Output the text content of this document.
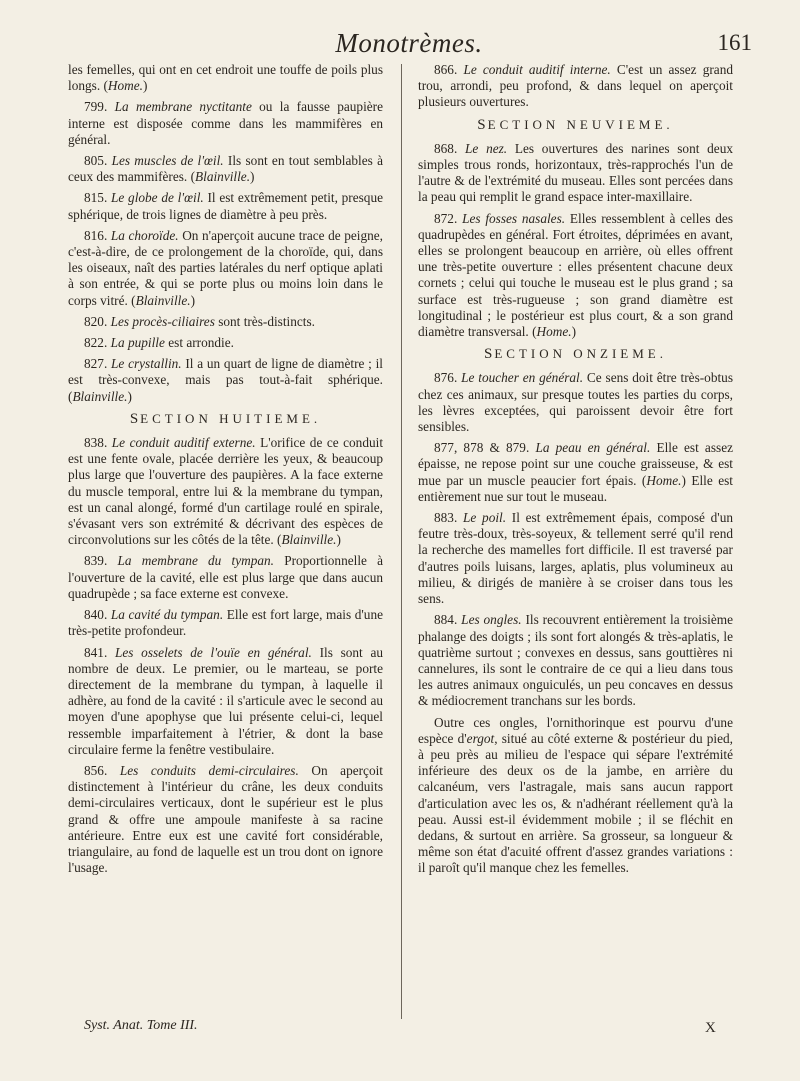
Monotrèmes.	161

les femelles, qui ont en cet endroit une touffe de poils plus longs. (Home.)

799. La membrane nyctitante ou la fausse paupière interne est disposée comme dans les mammifères en général.

805. Les muscles de l'œil. Ils sont en tout semblables à ceux des mammifères. (Blainville.)

815. Le globe de l'œil. Il est extrêmement petit, presque sphérique, de trois lignes de diamètre à peu près.

816. La choroïde. On n'aperçoit aucune trace de peigne, c'est-à-dire, de ce prolongement de la choroïde, qui, dans les oiseaux, naît des parties latérales du nerf optique aplati à son entrée, & qui se porte plus ou moins loin dans le corps vitré. (Blainville.)

820. Les procès-ciliaires sont très-distincts.

822. La pupille est arrondie.

827. Le crystallin. Il a un quart de ligne de diamètre ; il est très-convexe, mais pas tout-à-fait sphérique. (Blainville.)

SECTION HUITIEME.

838. Le conduit auditif externe. L'orifice de ce conduit est une fente ovale, placée derrière les yeux, & beaucoup plus large que l'ouverture des paupières. A la face externe du muscle temporal, entre lui & la membrane du tympan, est un canal alongé, formé d'un cartilage roulé en spirale, s'évasant vers son extrémité & décrivant des espèces de circonvolutions sur les côtés de la tête. (Blainville.)

839. La membrane du tympan. Proportionnelle à l'ouverture de la cavité, elle est plus large que dans aucun quadrupède ; sa face externe est convexe.

840. La cavité du tympan. Elle est fort large, mais d'une très-petite profondeur.

841. Les osselets de l'ouïe en général. Ils sont au nombre de deux. Le premier, ou le marteau, se porte directement de la membrane du tympan, à laquelle il adhère, au fond de la cavité : il s'articule avec le second au moyen d'une apophyse que lui présente celui-ci, lequel ressemble imparfaitement à l'étrier, & dont la base circulaire ferme la fenêtre vestibulaire.

856. Les conduits demi-circulaires. On aperçoit distinctement à l'intérieur du crâne, les deux conduits demi-circulaires verticaux, dont le supérieur est le plus grand & offre une ampoule manifeste à sa racine antérieure. Entre eux est une cavité fort considérable, triangulaire, au fond de laquelle est un trou dont on ignore l'usage.

866. Le conduit auditif interne. C'est un assez grand trou, arrondi, peu profond, & dans lequel on aperçoit plusieurs ouvertures.

SECTION NEUVIEME.

868. Le nez. Les ouvertures des narines sont deux simples trous ronds, horizontaux, très-rapprochés l'un de l'autre & de l'extrémité du museau. Elles sont percées dans la peau qui remplit le grand espace inter-maxillaire.

872. Les fosses nasales. Elles ressemblent à celles des quadrupèdes en général. Fort étroites, déprimées en avant, elles se prolongent beaucoup en arrière, où elles offrent une très-petite ouverture : elles présentent chacune deux cornets ; celui qui touche le museau est le plus grand ; sa surface est très-rugueuse ; son grand diamètre est longitudinal ; le postérieur est plus court, & a son grand diamètre transversal. (Home.)

SECTION ONZIEME.

876. Le toucher en général. Ce sens doit être très-obtus chez ces animaux, sur presque toutes les parties du corps, les lèvres exceptées, qui paroissent devoir être fort sensibles.

877, 878 & 879. La peau en général. Elle est assez épaisse, ne repose point sur une couche graisseuse, & est mue par un muscle peaucier fort épais. (Home.) Elle est entièrement nue sur tout le museau.

883. Le poil. Il est extrêmement épais, composé d'un feutre très-doux, très-soyeux, & tellement serré qu'il rend la recherche des mamelles fort difficile. Il est traversé par d'autres poils luisans, larges, aplatis, plus volumineux au milieu, & dirigés de manière à se croiser dans tous les sens.

884. Les ongles. Ils recouvrent entièrement la troisième phalange des doigts ; ils sont fort alongés & très-aplatis, le quatrième surtout ; convexes en dessus, sans gouttières ni cannelures, ils sont le contraire de ce qui a lieu dans tous les autres animaux onguiculés, un peu concaves en dessus & médiocrement tranchans sur les bords.

Outre ces ongles, l'ornithorinque est pourvu d'une espèce d'ergot, situé au côté externe & postérieur du pied, à peu près au milieu de l'espace qui sépare l'extrémité inférieure des deux os de la jambe, en arrière du calcanéum, vers l'astragale, mais sans aucun rapport d'articulation avec les os, & n'adhérant réellement qu'à la peau. Aussi est-il évidemment mobile ; il se fléchit en dedans, & surtout en arrière. Sa grosseur, sa longueur & même son état d'acuité offrent d'assez grandes variations : il paroît qu'il manque chez les femelles.

Syst. Anat. Tome III.	X
